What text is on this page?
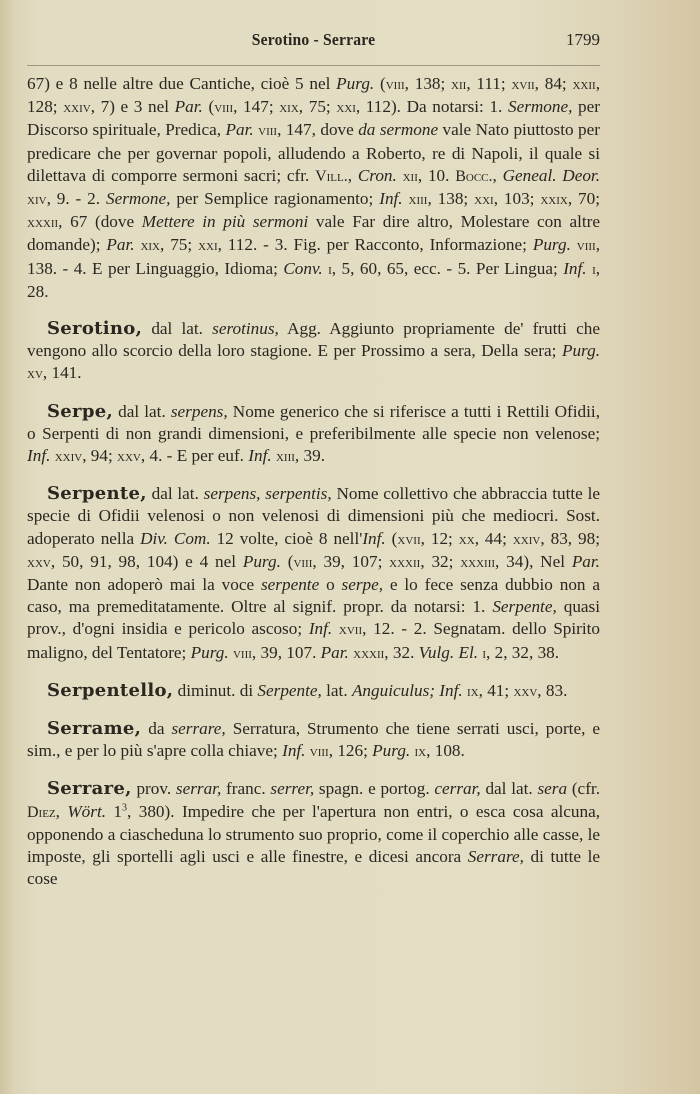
Serotino - Serrare	1799

67) e 8 nelle altre due Cantiche, cioè 5 nel Purg. (viii, 138; xii, 111; xvii, 84; xxii, 128; xxiv, 7) e 3 nel Par. (viii, 147; xix, 75; xxi, 112). Da notarsi: 1. Sermone, per Discorso spirituale, Predica, Par. viii, 147, dove da sermone vale Nato piuttosto per predicare che per governar popoli, alludendo a Roberto, re di Napoli, il quale si dilettava di comporre sermoni sacri; cfr. Vill., Cron. xii, 10. Bocc., Geneal. Deor. xiv, 9. - 2. Sermone, per Semplice ragionamento; Inf. xiii, 138; xxi, 103; xxix, 70; xxxii, 67 (dove Mettere in più sermoni vale Far dire altro, Molestare con altre domande); Par. xix, 75; xxi, 112. - 3. Fig. per Racconto, Informazione; Purg. viii, 138. - 4. E per Linguaggio, Idioma; Conv. i, 5, 60, 65, ecc. - 5. Per Lingua; Inf. i, 28.

Serotino, dal lat. serotinus, Agg. Aggiunto propriamente de' frutti che vengono allo scorcio della loro stagione. E per Prossimo a sera, Della sera; Purg. xv, 141.

Serpe, dal lat. serpens, Nome generico che si riferisce a tutti i Rettili Ofidii, o Serpenti di non grandi dimensioni, e preferibilmente alle specie non velenose; Inf. xxiv, 94; xxv, 4. - E per euf. Inf. xiii, 39.

Serpente, dal lat. serpens, serpentis, Nome collettivo che abbraccia tutte le specie di Ofidii velenosi o non velenosi di dimensioni più che mediocri. Sost. adoperato nella Div. Com. 12 volte, cioè 8 nell'Inf. (xvii, 12; xx, 44; xxiv, 83, 98; xxv, 50, 91, 98, 104) e 4 nel Purg. (viii, 39, 107; xxxii, 32; xxxiii, 34), Nel Par. Dante non adoperò mai la voce serpente o serpe, e lo fece senza dubbio non a caso, ma premeditatamente. Oltre al signif. propr. da notarsi: 1. Serpente, quasi prov., d'ogni insidia e pericolo ascoso; Inf. xvii, 12. - 2. Segnatam. dello Spirito maligno, del Tentatore; Purg. viii, 39, 107. Par. xxxii, 32. Vulg. El. i, 2, 32, 38.

Serpentello, diminut. di Serpente, lat. Anguiculus; Inf. ix, 41; xxv, 83.

Serrame, da serrare, Serratura, Strumento che tiene serrati usci, porte, e sim., e per lo più s'apre colla chiave; Inf. viii, 126; Purg. ix, 108.

Serrare, prov. serrar, franc. serrer, spagn. e portog. cerrar, dal lat. sera (cfr. Diez, Wört. $1^3$, 380). Impedire che per l'apertura non entri, o esca cosa alcuna, opponendo a ciascheduna lo strumento suo proprio, come il coperchio alle casse, le imposte, gli sportelli agli usci e alle finestre, e dicesi ancora Serrare, di tutte le cose
